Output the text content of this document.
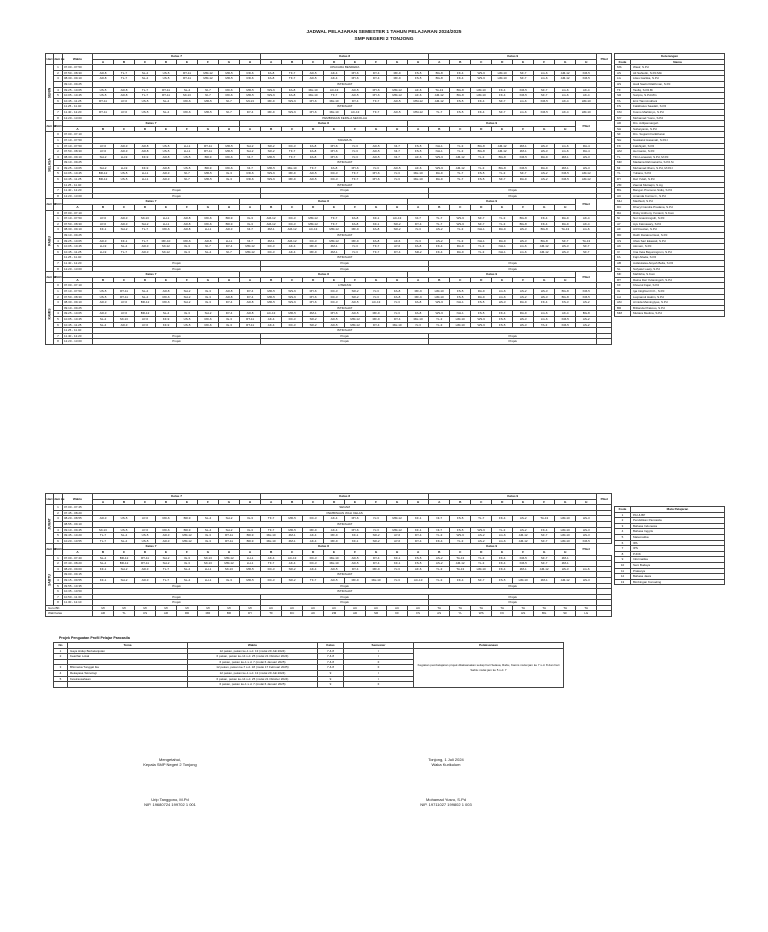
JADWAL PELAJARAN SEMESTER 1 TAHUN PELAJARAN 2024/2025
SMP NEGERI 2 TONJONG
Hari	Jam ke	Waktu	Kelas 7								Kelas 8								Kelas 9								Piket
			A	B	C	D	E	F	G	H	A	B	C	D	E	F	G	H	A	B	C	D	E	F	G	H	

SENIN	1	07.00 - 07.50	UPACARA BENDERA																								
	2	07.50 - 08.30	AR-8	TL-7	SL-4	US-5	RT-11	MM-12	MR-5	RD-6	FA-8	TF-7	AD-5	AK-4	MY-6	DY-4	MF-9	FS-5	BG-8	FK-4	WS-6	HM-10	SF-7	LG-6	AM-12	KM-5	
	3	08.30 - 09.10	AR-8	TL-7	SL-4	US-5	RT-11	MM-12	MR-5	RD-6	FA-8	TF-7	AD-5	AK-4	MY-6	DY-4	MF-9	FS-5	BG-8	FK-4	WS-6	HM-10	SF-7	LG-6	AM-12	KM-5	
		09.10 - 09.25	ISTIRAHAT																								
	4	09.25 - 10.05	US-5	AR-8	TL-7	RT-11	SL-4	NI-7	RD-6	MR-5	WS-6	FA-8	MH-10	AC-13	AD-5	MY-6	MM-12	AF-6	TA-13	BG-8	HM-10	FK-4	KM-5	SF-7	LG-6	AK-4	
	5	10.05 - 10.45	US-5	AR-8	TL-7	RT-11	MI-13	NI-7	RD-6	MR-5	WS-6	FA-8	MH-10	TF-7	AD-5	MY-6	MM-12	AF-6	AM-12	BG-8	HM-10	FK-4	KM-5	SF-7	LG-6	AK-4	
	6	10.45 - 11.25	RT-11	AY-6	US-5	SL-4	RD-6	MR-5	NI-7	MI-13	MF-9	WS-6	MY-6	MH-10	DY-4	TF-7	AD-5	MM-12	AM-12	FS-5	FK-4	SF-7	LG-6	KM-5	AK-4	HM-10	
		11.25 - 11.40	ISTIRAHAT																								
	7	11.40 - 12.20	RT-11	AY-6	US-5	SL-4	RD-6	MR-5	NI-7	DY-4	MF-9	WS-6	MY-6	MH-10	AC-13	TF-7	AD-5	MM-12	TL-7	FS-5	FK-4	SF-7	LG-6	KM-5	AK-4	HM-10	
	8	12.20 - 13.00	PEMBINAAN KEPALA SEKOLAH																								
Jam ke	Waktu	Kelas 7								Kelas 8								Kelas 9								Piket	
		A	B	C	D	E	F	G	H	A	B	C	D	E	F	G	H	A	B	C	D	E	F	G	H		

SELASA	0	07.00 - 07.10																									
	1	07.10 - 07.50	TADARUS																								
	1	07.10 - 07.50	AY-6	AR-3	AR-8	US-5	LH-1	RT-11	MR-5	SH-2	SR-2	DC-3	FA-8	MY-6	IV-3	AD-5	NI-7	FS-5	NH-1	YL-3	BG-8	AM-12	ZM-1	HS-3	LG-6	RA-4	
	2	07.50 - 08.30	AY-6	AR-3	AR-8	US-5	LH-1	RT-11	MR-5	SH-2	SR-2	TF-7	FA-8	MY-6	IV-3	AD-5	NI-7	FS-5	NH-1	YL-3	BG-8	AM-12	ZM-1	HS-3	LG-6	RA-4	
	3	08.30 - 09.10	SH-2	LH-9	KF-9	AR-8	US-5	BR-9	RD-6	NI-7	MR-5	TF-7	FA-8	MY-6	IV-3	AD-5	NI-7	AF-6	WS-6	AM-12	YL-3	BG-8	KM-5	RA-9	ZM-1	HS-3	
		09.10 - 09.25	ISTIRAHAT																								
	4	09.25 - 10.05	SH-2	LH-9	KF-9	AR-8	US-5	BR-9	RD-6	NI-7	MR-5	MH-10	TF-7	FA-8	MY-6	IV-3	AD-5	AF-6	WS-6	AM-12	YL-3	BG-8	KM-5	RA-9	ZM-1	HS-3	
	5	10.05 - 10.45	BR-12	US-5	LH-1	AR-3	NI-7	MR-5	IG-3	RD-6	WS-6	MF-9	AD-5	DC-3	TF-7	MY-6	IV-3	MH-10	RA-9	TL-7	FS-5	YL-3	SF-7	AS-2	KM-5	AM-12	
	6	10.45 - 11.25	BR-12	US-5	LH-1	AR-3	NI-7	MR-5	IG-3	RD-6	WS-6	MF-9	AD-5	DC-3	TF-7	MY-6	IV-3	MH-10	RA-9	TL-7	FS-5	SF-7	RA-9	AS-2	KM-5	AM-12	
		11.25 - 11.40	ISTIRAHAT																								
	7	11.40 - 12.20	Projek								Projek								Projek								
	8	12.20 - 13.00	Projek								Projek								Projek								
Jam ke	Waktu	Kelas 7								Kelas 8								Kelas 9								Piket	
		A	B	C	D	E	F	G	H	A	B	C	D	E	F	G	H	A	B	C	D	E	F	G	H		

RABU	0	07.00 - 07.10																									
	1	07.10 - 07.50	AY-6	AR-3	MI-13	LH-1	AR-8	RD-6	BR-9	IG-3	AM-12	DC-3	MM-12	TF-7	FA-8	KF-1	AC-13	NI-7	TL-7	WS-6	SF-7	YL-3	BG-8	FK-4	RA-9	AK-4	
	2	07.50 - 08.30	AY-6	AR-3	SH-2	LH-1	AR-8	RD-6	BR-9	IG-3	AM-12	DC-3	MM-12	TF-7	FA-8	KF-1	SR-2	DY-4	TL-7	WS-6	SF-7	YL-3	BG-8	FK-4	RA-9	AK-4	
	3	08.30 - 09.10	KF-1	SH-2	TL-7	RD-6	AR-8	LH-1	AR-3	NI-7	ZM-1	AM-12	AC-13	MM-12	MF-9	FA-8	SR-2	IV-3	AS-2	YL-3	NH-1	RA-9	HS-3	BG-8	TA-13	LG-6	
		09.10 - 09.25	ISTIRAHAT																								
	4	09.25 - 10.05	AR-3	KF-1	TL-7	MF-10	RD-6	AR-8	LH-1	NI-7	ZM-1	AM-12	DC-3	MM-12	MF-9	FA-8	AF-6	IV-3	AS-2	YL-3	NH-1	RA-9	HS-3	BG-8	SF-7	TA-13	
	5	10.05 - 10.45	LH-9	SL-4	AR-3	MI-12	IG-3	NI-7	DY-4	MM-12	DC-3	AK-4	MF-9	ZM-1	IV-3	TF-7	AY-6	FA-8	FK-4	RA-9	YL-3	NH-1	LG-6	AM-12	HS-3	SF-7	
	6	10.45 - 11.25	LH-9	TL-7	AR-3	MI-12	IG-3	SL-4	NI-7	MM-12	DC-3	AK-4	MF-9	ZM-1	IV-3	TF-7	DY-4	SR-2	FK-4	RA-9	YL-3	NH-1	LG-6	AM-12	HS-3	SF-7	
		11.25 - 11.40	ISTIRAHAT																								
	7	11.40 - 12.20	Projek								Projek								Projek								
	8	12.20 - 13.00	Projek								Projek								Projek								
Jam ke	Waktu	Kelas 7								Kelas 8								Kelas 9								Piket	
		A	B	C	D	E	F	G	H	A	B	C	D	E	F	G	H	A	B	C	D	E	F	G	H		

KAMIS	0	07.00 - 07.10	LITERASI																								
	1	07.10 - 07.50	US-5	RT-11	SL-4	AR-8	SH-2	IG-3	AR-8	DY-4	MR-5	WS-6	MY-6	DC-3	SR-2	IV-3	FA-8	MF-9	HM-10	FS-5	RA-9	LG-6	AS-2	HS-3	BG-8	KM-5	
	2	07.50 - 08.30	US-5	RT-11	SL-4	RD-6	SH-2	IG-3	AR-8	DY-4	MR-5	WS-6	MY-6	DC-3	SR-2	IV-3	FA-8	MF-9	HM-10	FS-5	RA-9	LG-6	AS-2	HS-3	BG-8	KM-5	
	3	08.30 - 09.10	AR-3	AY-6	BR-12	RD-6	SH-2	IG-3	DY-4	AR-8	MR-5	WS-6	MY-6	DC-3	AD-5	AC-13	IV-3	FA-8	WS-6	NH-1	FS-5	HS-3	RA-9	FK-4	KS-3	AS-2	
		09.10 - 09.25	ISTIRAHAT																								
	4	09.25 - 10.05	AR-3	AY-6	BR-12	SL-4	IG-3	SH-2	DY-4	AR-8	AC-13	MR-5	ZM-1	MY-6	AD-5	MF-9	IV-3	FA-8	WS-6	NH-1	FS-5	FK-4	RA-9	LG-6	AK-4	BG-8	
	5	10.05 - 10.45	SL-4	MI-13	AY-6	KF-9	US-5	RD-6	IG-3	RT-11	AK-4	DC-3	SR-2	AD-5	MM-12	MF-9	DY-4	MH-10	YL-3	HM-10	WS-6	FS-5	HS-3	LG-6	KM-5	AS-2	
	6	10.45 - 11.25	SL-4	AR-3	AY-6	KF-9	US-5	RD-6	IG-3	RT-11	AK-4	DC-3	SR-2	AD-5	MM-12	DY-4	MH-10	IV-3	YL-3	HM-10	WS-6	FS-5	HS-3	TA-3	KM-5	AS-2	
		11.25 - 11.40	ISTIRAHAT																								
	7	11.40 - 12.20	Projek								Projek								Projek								
	8	12.20 - 13.00	Projek								Projek								Projek								
Keterangan	
Kode	Nama
MS	Wasir, S.Pd
AS	Ali Sahudin, S.Pd.MIn
LG	Lilies Gartika, S.Pd
HS	Hadi Saeful Rakhman, S.Pd
TF	Taufiq, S.Pd.Bi
SR	Suripto, S.Pd.MIn
TA	Erni Tiani Andriani
FS	Fatikhatus Saadah, S.Pd
KM	Kusno Martiknyo, S.Pd
MY	Mohamad Yusro, S.Pd
AD	Drs. Aditjasmargeh
SH	Suharyanto, S.Pd
SF	Drs. Sugiarti Fariikhatun
NH	Nasikatul Hasanah, S.Pd.I
FK	Fatkhiyah, S.Pd
HM	Hermanto, S.Pd
TL	Titin Lanawati, S.Pd, M.Pd
MR	Madania Rahmaturria, S.Pd.Si
MI	Muhamad Ilham, S.Pd, M.Pd.I
YL	Yuliana, S.Pd
DY	Dwi Yulah, S.Pd
ZM	Zaenal Muttaqin, S.Ag
BG	Bangun Pramono Sidiq, S.Pd
AC	Amanda Kurnia C., S.Pd
MH	Madhudi, S.Pd
DC	Dheryl Candra Pradana, S.Pd
RA	Ricky Anthony Yunianti, S.Kom
NI	Nur Isnaniningsih, S.Pd
AY	Ayu Fatmasary, S.Pd
AF	Arif Fauzan, S.Pd
RD	Ratih Dwiatna Dewi, S.Pd
US	Ufiek Sari Ekawati, S.Pd
AK	Akmam, S.Pd
IV	Irna Veta Bayuningrum, S.Pd
FA	Fajri Afiada, S.Pd
AB	Aufatulaisa Aisyah Bella, S.Pd
SL	Sofyatul Laely, S.Pd
MF	Mafrikha, S.Kom
RT	Ratna Dwi Yulianingsih, S.Pd
KF	Khoerul Fajar, S.Pd
IG	Iga Intightari D.K., S.Pd
LH	Luqmanul Hakim, S.Pd
AM	Armida Meiningtyas, S.Pd
BR	Brilianda Prakoso, S.Pd
MM	Mutiara Medina, S.Pd
Hari	Jam ke	Waktu	Kelas 7								Kelas 8								Kelas 9								Piket
			A	B	C	D	E	F	G	H	A	B	C	D	E	F	G	H	A	B	C	D	E	F	G	H	

JUMAT	1	07.00 - 07.45	SENAM																								
	2	07.45 - 08.20	PEMBINAAN WALI KELAS																								
	3	08.20 - 08.55	AR-3	US-5	AY-6	RD-6	BR-9	SL-4	SH-2	IG-3	TF-7	MR-5	DC-3	AK-4	MY-6	IV-3	MM-12	KF-1	NI-7	FS-5	TL-7	FK-4	AS-2	TA-13	HM-10	HS-3	
		08.55 - 09.10	ISTIRAHAT																								
	4	09.10 - 09.45	MI-13	US-5	AY-6	RD-6	BR-9	SL-4	SH-2	IG-3	TF-7	MR-5	MF-9	AK-4	MY-6	IV-3	MM-12	KF-1	NI-7	FS-5	WS-6	YL-3	AS-2	FK-4	HM-10	HS-3	
	5	09.45 - 10.20	TL-7	SL-4	US-5	AR-3	MM-12	IG-3	RT-11	BR-9	MH-10	ZM-1	AK-4	MF-9	KF-1	SR-2	AY-6	DY-4	YL-3	WS-6	AS-2	LG-6	AM-12	SF-7	HM-10	HS-3	
	6	10.20 - 10.55	TL-7	SL-4	US-5	AR-3	MM-12	IG-3	RT-11	BR-9	MH-10	ZM-1	AK-4	MF-9	KF-1	SR-2	AY-6	DY-4	FK-4	YL-3	AS-2	LG-6	AM-12	SF-7	HM-10	KM-5	
Jam ke	Waktu	Kelas 7								Kelas 8								Kelas 9								Piket	
		A	B	C	D	E	F	G	H	A	B	C	D	E	F	G	H	A	B	C	D	E	F	G	H		

SABTU	1	07.00 - 07.40	SL-4	BR-12	RT-11	SH-2	IG-3	MI-13	MM-12	LH-1	AK-4	AC-13	DC-3	MH-10	AD-5	DY-4	KF-1	FS-5	AS-2	TA-13	YL-3	FK-4	KM-5	SF-7	ZM-1		
	2	07.40 - 08.20	SL-4	BR-12	RT-11	SH-2	IG-3	MI-13	MM-12	LH-1	TF-7	AK-4	DC-3	MH-10	AD-5	DY-4	KF-1	FS-5	AS-2	AM-12	YL-3	FK-4	KM-5	SF-7	ZM-1		
	3	08.20 - 09.00	KF-1	SH-2	AR-3	TL-7	SL-4	LH-1	MI-13	MR-5	DC-3	SR-2	AK-4	AD-5	DY-4	MF-9	IV-3	AF-6	YL-3	TA-13	HM-10	FK-4	ZM-1	AM-12	HS-3	LG-6	
		09.00 - 09.15	ISTIRAHAT																								
	4	09.15 - 09.55	KF-1	SH-2	AR-3	TL-7	SL-4	LH-1	IG-3	MR-5	DC-3	SR-2	TF-7	AD-5	MF-9	MH-10	IV-3	AC-13	YL-3	FK-4	SF-7	FS-5	HM-10	ZM-1	AM-12	HS-3	
	5	09.55 - 10.35	Projek								Projek								Projek								
	6	10.35 - 10.50	ISTIRAHAT																								
	7	10.50 - 11.30	Projek								Projek								Projek								
	8	11.30 - 12.10	Projek								Projek								Projek								
Guru BK			MI	MI	MI	MI	MI	MI	MI	MI	AC	AC	AC	AC	AC	AC	AC	AC	TA	TA	TA	TA	TA	TA	TA	TA	
Wali Kelas			AR	TL	US	AR	RD	MR	BR	DY	TF	DC	AK	ZM	AD	SR	KF	FS	AS	YL	WS	FK	HS	BG	SF	LG	
Kode	Mata Pelajaran
1	PAI & BP
2	Pendidikan Pancasila
3	Bahasa Indonesia
4	Bahasa Inggris
5	Matematika
6	IPA
7	IPS
8	PJOK
9	Informatika
10	Seni Budaya
11	Prakarya
12	Bahasa Jawa
13	Bimbingan Konseling
Projek Penguatan Profil Pelajar Pancasila
No	Tema	Waktu	Kelas	Semester	Pelaksanaan
1	Gaya Hidup Berkelanjutan	12 pekan, pekan ke-1 s.d. 13 (mulai 29 Juli 2024)	7 & 8	I	Kegiatan pembelajaran projek dilaksanakan setiap hari Selasa, Rabu, Kamis mulai jam ke 7 s.d. 8 dan hari Sabtu mulai jam ke 5 s.d. 7
2	Kearifan Lokal	6 pekan, pekan ke-14 s.d. 25 (mulai 21 Oktober 2024)	7 & 8	I	
		6 pekan, pekan ke-1 s.d. 7 (mulai 6 Januari 2025)	7 & 8	II	
3	Bhinneka Tunggal Ika	12 pekan, pekan ke-7 s.d. 18 (mulai 17 Februari 2025)	7 & 8	II	
4	Rekayasa Teknologi	12 pekan, pekan ke-1 s.d. 13 (mulai 29 Juli 2024)	9	I	
5	Kewirausahaan	6 pekan, pekan ke-14 s.d. 25 (mulai 21 Oktober 2024)	9	I	
		6 pekan, pekan ke-1 s.d. 7 (mulai 6 Januari 2025)	9	II	
Mengetahui,
Kepala SMP Negeri 2 Tonjong
Urip Tanggono, M.Pd
NIP. 19680724 199702 1 001
Tonjong, 1 Juli 2024
Waka Kurikulum
Mohamad Yusro, S.Pd
NIP. 19711027 199802 1 003
